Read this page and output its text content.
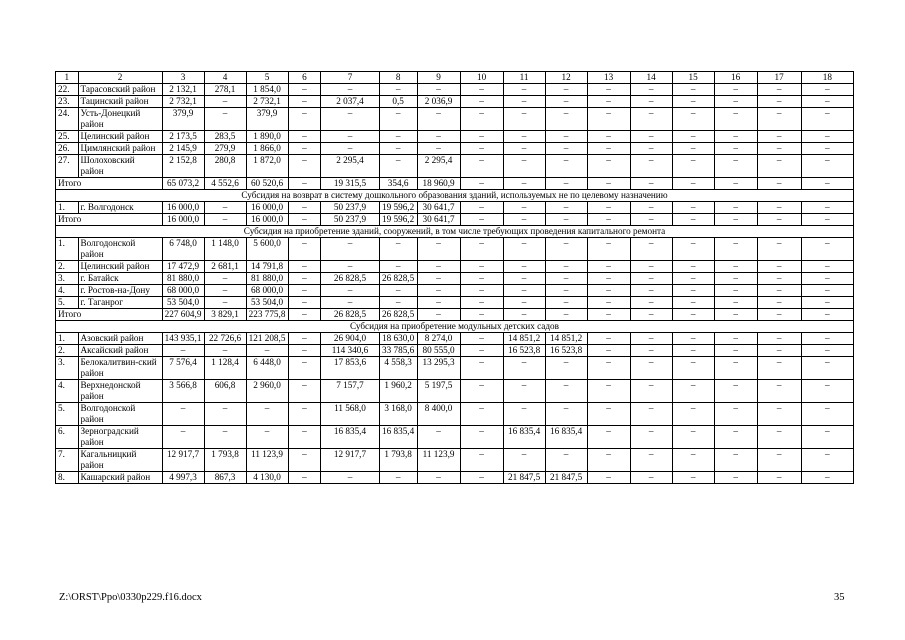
1	2	3	4	5	6	7	8	9	10	11	12	13	14	15	16	17	18
22.	Тарасовский район	2 132,1	278,1	1 854,0	–	–	–	–	–	–	–	–	–	–	–	–	–
23.	Тацинский район	2 732,1	–	2 732,1	–	2 037,4	0,5	2 036,9	–	–	–	–	–	–	–	–	–
24.	Усть-Донецкий район	379,9	–	379,9	–	–	–	–	–	–	–	–	–	–	–	–	–
25.	Целинский район	2 173,5	283,5	1 890,0	–	–	–	–	–	–	–	–	–	–	–	–	–
26.	Цимлянский район	2 145,9	279,9	1 866,0	–	–	–	–	–	–	–	–	–	–	–	–	–
27.	Шолоховский район	2 152,8	280,8	1 872,0	–	2 295,4	–	2 295,4	–	–	–	–	–	–	–	–	–
Итого		65 073,2	4 552,6	60 520,6	–	19 315,5	354,6	18 960,9	–	–	–	–	–	–	–	–	–
Субсидия на возврат в систему дошкольного образования зданий, используемых не по целевому назначению																	
1.	г. Волгодонск	16 000,0	–	16 000,0	–	50 237,9	19 596,2	30 641,7	–	–	–	–	–	–	–	–	–
Итого		16 000,0	–	16 000,0	–	50 237,9	19 596,2	30 641,7	–	–	–	–	–	–	–	–	–
Субсидия на приобретение зданий, сооружений, в том числе требующих проведения капитального ремонта																	
1.	Волгодонской район	6 748,0	1 148,0	5 600,0	–	–	–	–	–	–	–	–	–	–	–	–	–
2.	Целинский район	17 472,9	2 681,1	14 791,8	–	–	–	–	–	–	–	–	–	–	–	–	–
3.	г. Батайск	81 880,0	–	81 880,0	–	26 828,5	26 828,5	–	–	–	–	–	–	–	–	–	–
4.	г. Ростов-на-Дону	68 000,0	–	68 000,0	–	–	–	–	–	–	–	–	–	–	–	–	–
5.	г. Таганрог	53 504,0	–	53 504,0	–	–	–	–	–	–	–	–	–	–	–	–	–
Итого		227 604,9	3 829,1	223 775,8	–	26 828,5	26 828,5	–	–	–	–	–	–	–	–	–	–
Субсидия на приобретение модульных детских садов																	
1.	Азовский район	143 935,1	22 726,6	121 208,5	–	26 904,0	18 630,0	8 274,0	–	14 851,2	14 851,2	–	–	–	–	–	–
2.	Аксайский район	–	–	–	–	114 340,6	33 785,6	80 555,0	–	16 523,8	16 523,8	–	–	–	–	–	–
3.	Белокалитвин-ский район	7 576,4	1 128,4	6 448,0	–	17 853,6	4 558,3	13 295,3	–	–	–	–	–	–	–	–	–
4.	Верхнедонской район	3 566,8	606,8	2 960,0	–	7 157,7	1 960,2	5 197,5	–	–	–	–	–	–	–	–	–
5.	Волгодонской район	–	–	–	–	11 568,0	3 168,0	8 400,0	–	–	–	–	–	–	–	–	–
6.	Зерноградский район	–	–	–	–	16 835,4	16 835,4	–	–	16 835,4	16 835,4	–	–	–	–	–	–
7.	Кагальницкий район	12 917,7	1 793,8	11 123,9	–	12 917,7	1 793,8	11 123,9	–	–	–	–	–	–	–	–	–
8.	Кашарский район	4 997,3	867,3	4 130,0	–	–	–	–	–	21 847,5	21 847,5	–	–	–	–	–	–
Z:\ORST\Ppo\0330p229.f16.docx	35
